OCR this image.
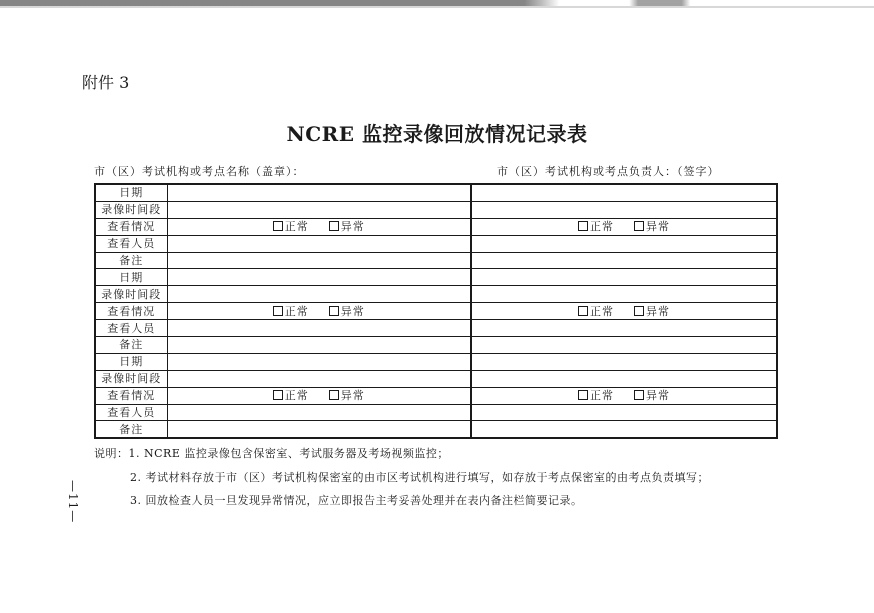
附件 3
NCRE 监控录像回放情况记录表
市（区）考试机构或考点名称（盖章）：	市（区）考试机构或考点负责人：（签字）
日期		
录像时间段		
查看情况	正常 异常	正常 异常

查看人员		
备注		
日期		
录像时间段		
查看情况	正常 异常	正常 异常

查看人员		
备注		
日期		
录像时间段		
查看情况	正常 异常	正常 异常

查看人员		
备注		
说明：1. NCRE 监控录像包含保密室、考试服务器及考场视频监控；
2. 考试材料存放于市（区）考试机构保密室的由市区考试机构进行填写，如存放于考点保密室的由考点负责填写；
3. 回放检查人员一旦发现异常情况，应立即报告主考妥善处理并在表内备注栏简要记录。
—11—
